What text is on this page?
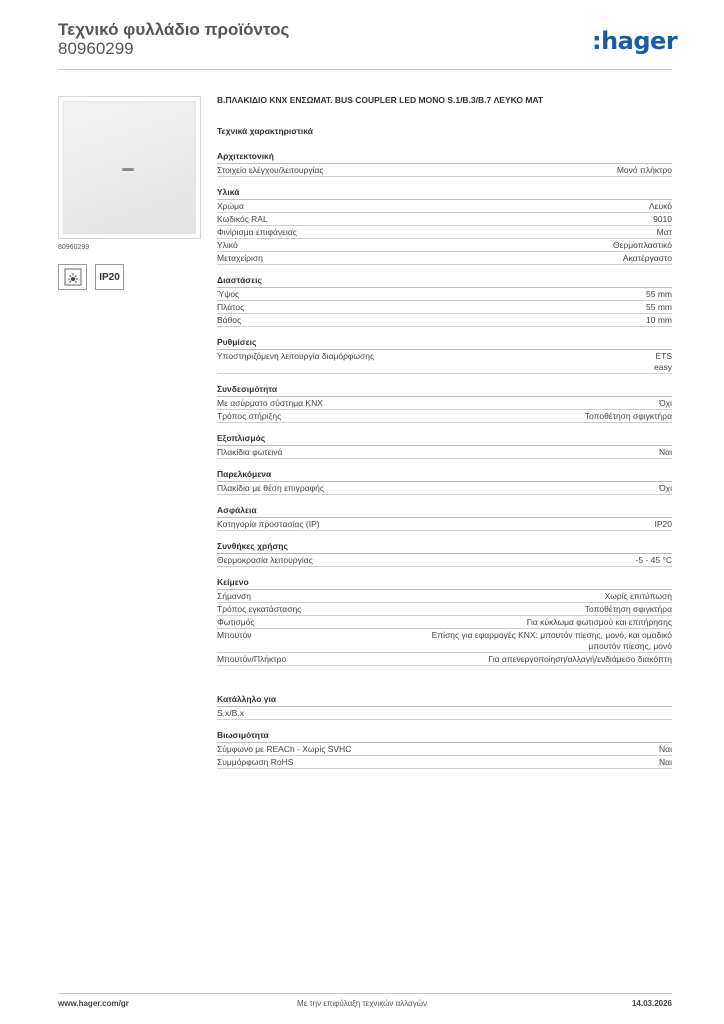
Τεχνικό φυλλάδιο προϊόντος
80960299	:hager
80960299
IP20
B.ΠΛΑΚΙΔΙΟ KNX ΕΝΣΩΜΑΤ. BUS COUPLER LED MONO S.1/B.3/B.7 ΛΕΥΚΟ ΜΑΤ
Τεχνικά χαρακτηριστικά
Αρχιτεκτονική
Στοιχείο ελέγχου/λειτουργίας	Μονό πλήκτρο
Υλικά
Χρώμα	Λευκό
Κωδικός RAL	9010
Φινίρισμα επιφάνειας	Ματ
Υλικό	Θερμοπλαστικό
Μεταχείριση	Ακατέργαστο
Διαστάσεις
Ύψος	55 mm
Πλάτος	55 mm
Βάθος	10 mm
Ρυθμίσεις
Υποστηριζόμενη λειτουργία διαμόρφωσης	ETS
easy
Συνδεσιμότητα
Με ασύρματο σύστημα KNX	Όχι
Τρόπος στήριξης	Τοποθέτηση σφιγκτήρα
Εξοπλισμός
Πλακίδια φωτεινά	Ναι
Παρελκόμενα
Πλακίδια με θέση επιγραφής	Όχι
Ασφάλεια
Κατηγορία προστασίας (IP)	IP20
Συνθήκες χρήσης
Θερμοκρασία λειτουργίας	-5 - 45 °C
Κείμενο
Σήμανση	Χωρίς επιτύπωση
Τρόπος εγκατάστασης	Τοποθέτηση σφιγκτήρα
Φωτισμός	Για κύκλωμα φωτισμού και επιτήρησης
Μπουτόν	Επίσης για εφαρμογές KNX: μπουτόν πίεσης, μονό, και ομαδικό
μπουτόν πίεσης, μονό
Μπουτόν/Πλήκτρο	Για απενεργοποίηση/αλλαγή/ενδιάμεσο διακόπτη
Κατάλληλο για
S.x/B.x
Βιωσιμότητα
Σύμφωνο με REACh - Χωρίς SVHC	Ναι
Συμμόρφωση RoHS	Ναι
www.hager.com/gr	Με την επιφύλαξη τεχνικών αλλαγών	14.03.2026
